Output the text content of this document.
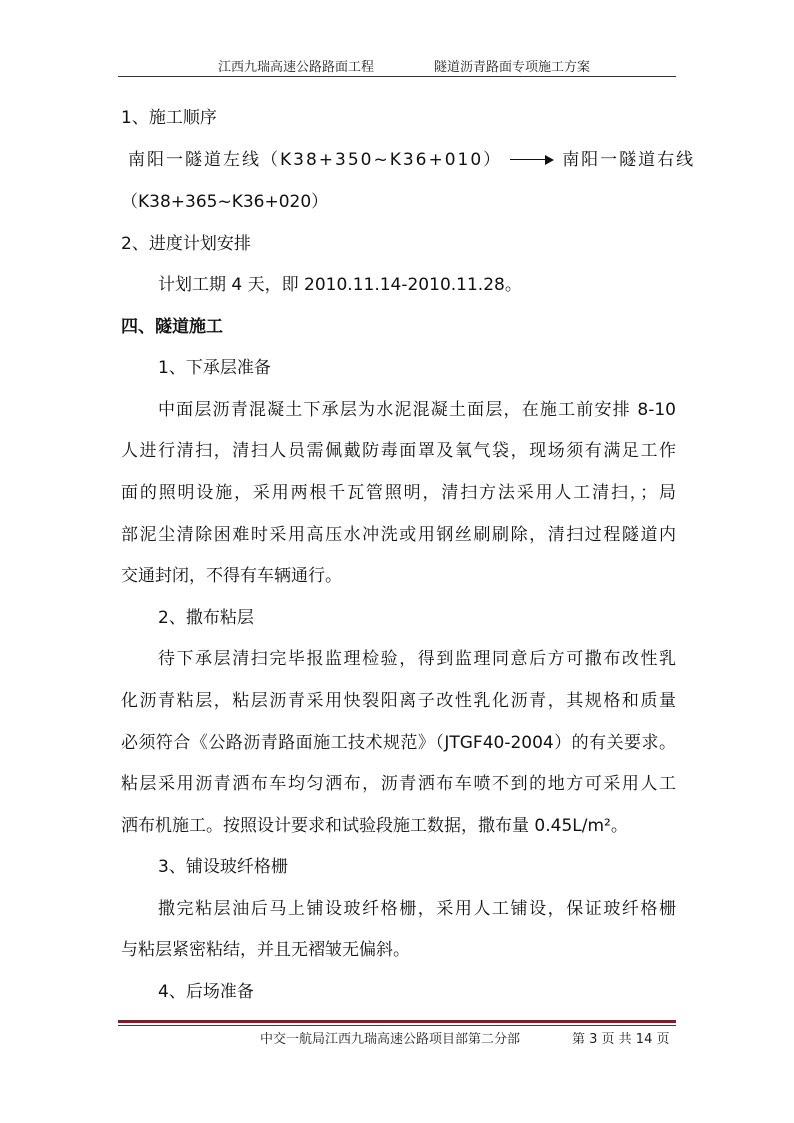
江西九瑞高速公路路面工程	隧道沥青路面专项施工方案
1、施工顺序
南阳一隧道左线（K38+350~K36+010）	南阳一隧道右线
（K38+365~K36+020）
2、进度计划安排
计划工期 4 天，即 2010.11.14-2010.11.28。
四、隧道施工
1、下承层准备
中面层沥青混凝土下承层为水泥混凝土面层，在施工前安排 8-10
人进行清扫，清扫人员需佩戴防毒面罩及氧气袋，现场须有满足工作
面的照明设施，采用两根千瓦管照明，清扫方法采用人工清扫，；局
部泥尘清除困难时采用高压水冲洗或用钢丝刷刷除，清扫过程隧道内
交通封闭，不得有车辆通行。
2、撒布粘层
待下承层清扫完毕报监理检验，得到监理同意后方可撒布改性乳
化沥青粘层，粘层沥青采用快裂阳离子改性乳化沥青，其规格和质量
必须符合《公路沥青路面施工技术规范》（JTGF40-2004）的有关要求。
粘层采用沥青洒布车均匀洒布，沥青洒布车喷不到的地方可采用人工
洒布机施工。按照设计要求和试验段施工数据，撒布量 0.45L/m²。
3、铺设玻纤格栅
撒完粘层油后马上铺设玻纤格栅，采用人工铺设，保证玻纤格栅
与粘层紧密粘结，并且无褶皱无偏斜。
4、后场准备
中交一航局江西九瑞高速公路项目部第二分部	第 3 页 共 14 页
